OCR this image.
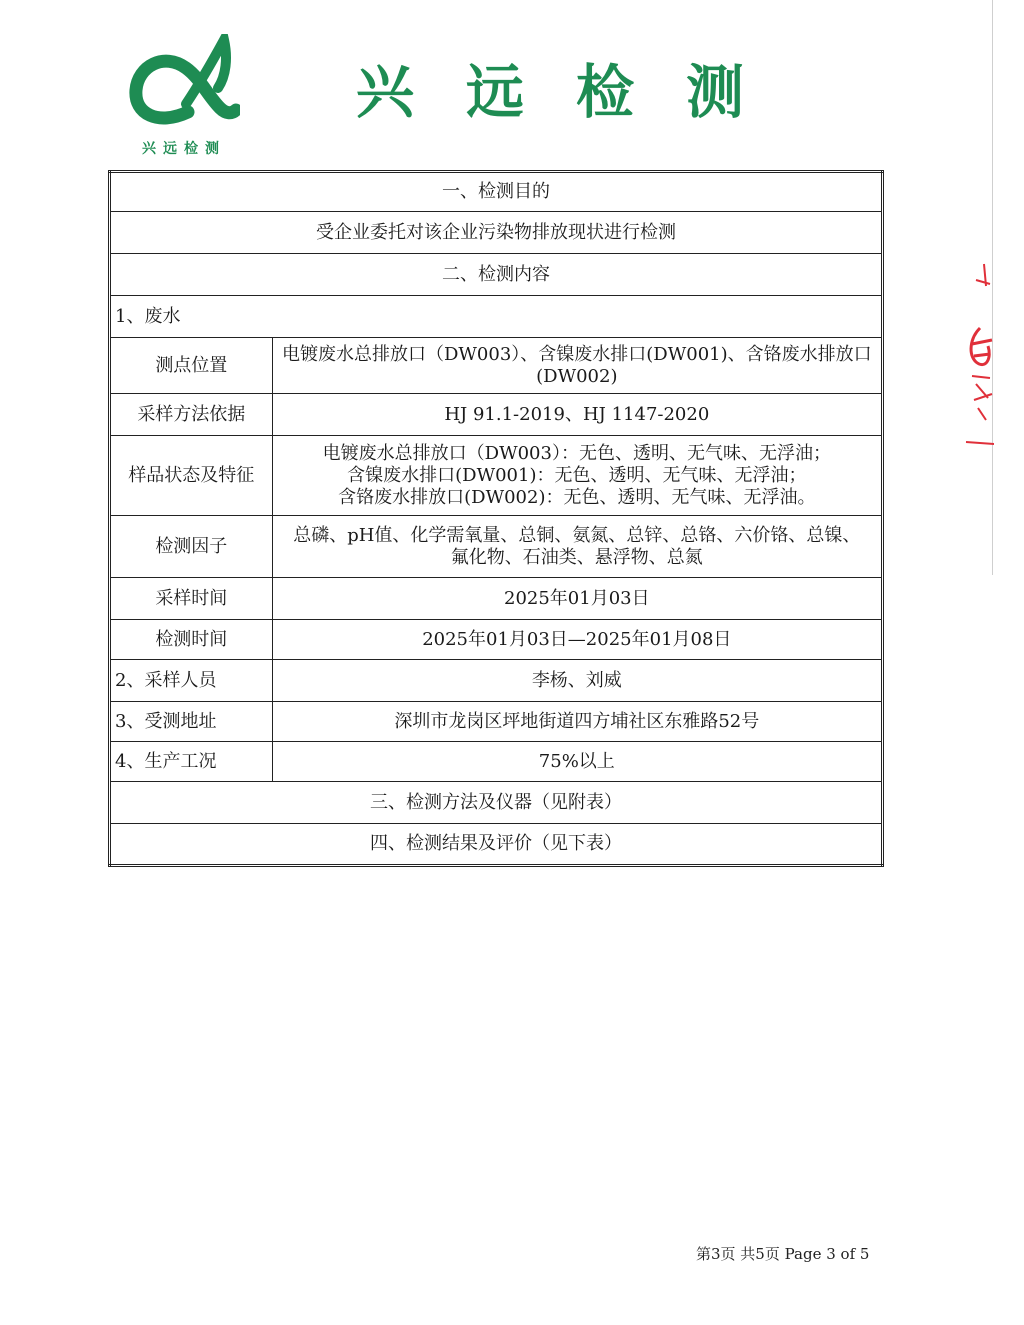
兴远检测
兴远检测
一、检测目的	
受企业委托对该企业污染物排放现状进行检测	
二、检测内容	
1、废水	
测点位置	电镀废水总排放口（DW003）、含镍废水排口(DW001)、含铬废水排放口
(DW002)

采样方法依据	HJ 91.1-2019、HJ 1147-2020
样品状态及特征	电镀废水总排放口（DW003）：无色、透明、无气味、无浮油；
含镍废水排口(DW001)：无色、透明、无气味、无浮油；
含铬废水排放口(DW002)：无色、透明、无气味、无浮油。

检测因子	总磷、pH值、化学需氧量、总铜、氨氮、总锌、总铬、六价铬、总镍、
氟化物、石油类、悬浮物、总氮

采样时间	2025年01月03日
检测时间	2025年01月03日—2025年01月08日
2、采样人员	李杨、刘威
3、受测地址	深圳市龙岗区坪地街道四方埔社区东雅路52号
4、生产工况	75%以上
三、检测方法及仪器（见附表）	
四、检测结果及评价（见下表）	
第3页 共5页 Page 3 of 5
